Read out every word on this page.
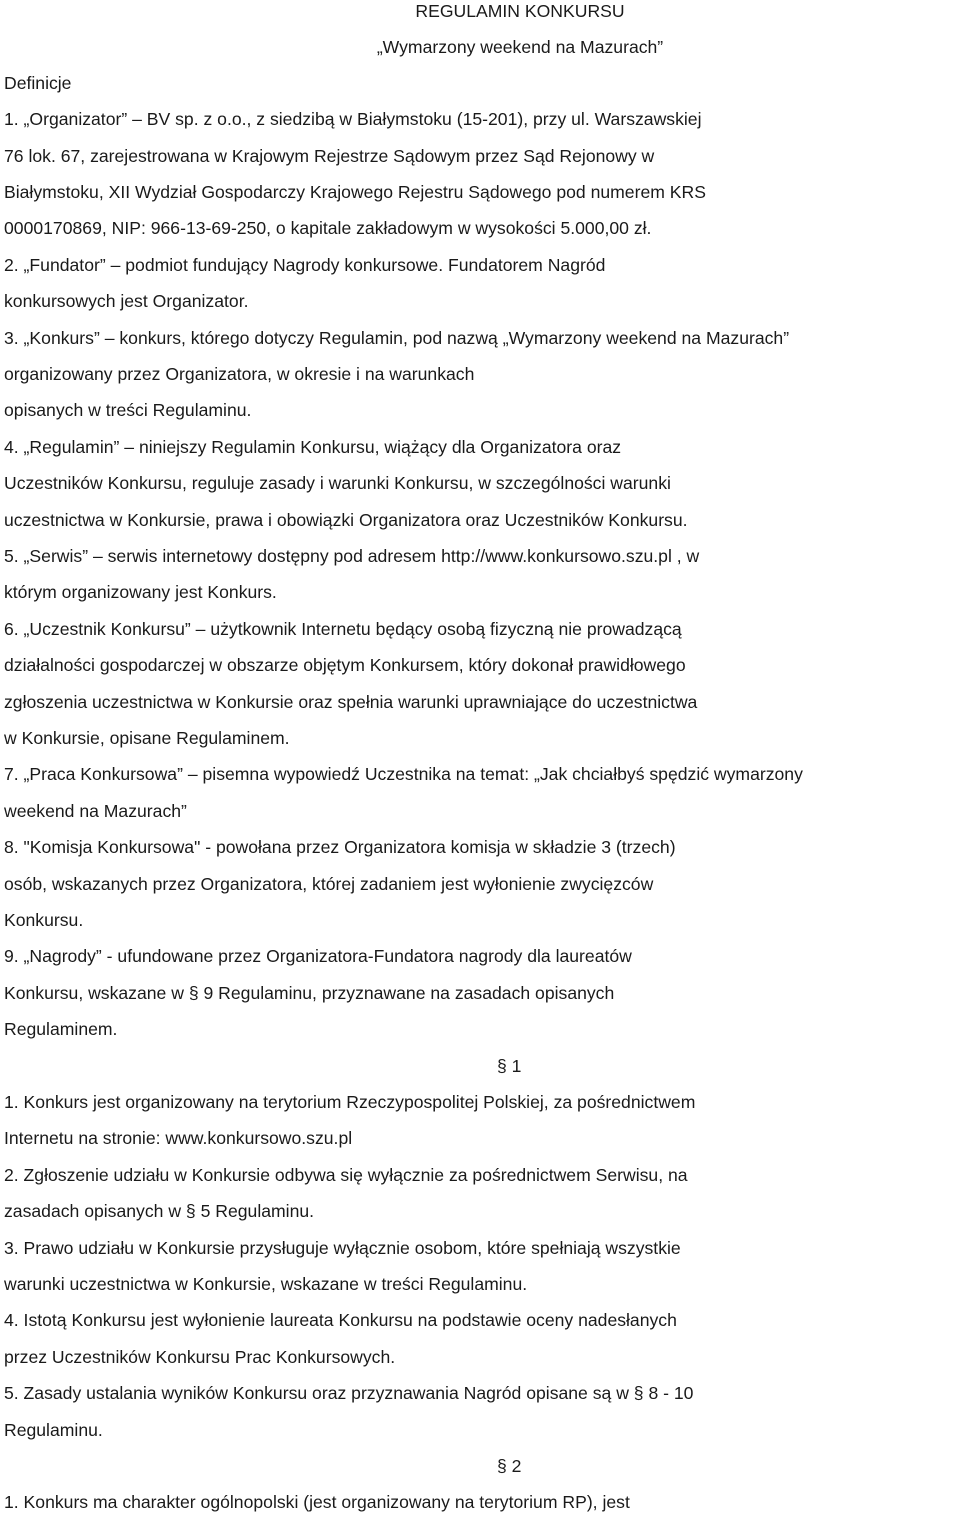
REGULAMIN KONKURSU

„Wymarzony weekend na Mazurach”

Definicje

1. „Organizator” – BV sp. z o.o., z siedzibą w Białymstoku (15-201), przy ul. Warszawskiej

76 lok. 67, zarejestrowana w Krajowym Rejestrze Sądowym przez Sąd Rejonowy w

Białymstoku, XII Wydział Gospodarczy Krajowego Rejestru Sądowego pod numerem KRS

0000170869, NIP: 966-13-69-250, o kapitale zakładowym w wysokości 5.000,00 zł.

2. „Fundator” – podmiot fundujący Nagrody konkursowe. Fundatorem Nagród

konkursowych jest Organizator.

3. „Konkurs” – konkurs, którego dotyczy Regulamin, pod nazwą „Wymarzony weekend na Mazurach”

organizowany przez Organizatora, w okresie i na warunkach

opisanych w treści Regulaminu.

4. „Regulamin” – niniejszy Regulamin Konkursu, wiążący dla Organizatora oraz

Uczestników Konkursu, reguluje zasady i warunki Konkursu, w szczególności warunki

uczestnictwa w Konkursie, prawa i obowiązki Organizatora oraz Uczestników Konkursu.

5. „Serwis” – serwis internetowy dostępny pod adresem http://www.konkursowo.szu.pl , w

którym organizowany jest Konkurs.

6. „Uczestnik Konkursu” – użytkownik Internetu będący osobą fizyczną nie prowadzącą

działalności gospodarczej w obszarze objętym Konkursem, który dokonał prawidłowego

zgłoszenia uczestnictwa w Konkursie oraz spełnia warunki uprawniające do uczestnictwa

w Konkursie, opisane Regulaminem.

7. „Praca Konkursowa” – pisemna wypowiedź Uczestnika na temat: „Jak chciałbyś spędzić wymarzony

weekend na Mazurach”

8. "Komisja Konkursowa" - powołana przez Organizatora komisja w składzie 3 (trzech)

osób, wskazanych przez Organizatora, której zadaniem jest wyłonienie zwycięzców

Konkursu.

9. „Nagrody” - ufundowane przez Organizatora-Fundatora nagrody dla laureatów

Konkursu, wskazane w § 9 Regulaminu, przyznawane na zasadach opisanych

Regulaminem.

§ 1

1. Konkurs jest organizowany na terytorium Rzeczypospolitej Polskiej, za pośrednictwem

Internetu na stronie: www.konkursowo.szu.pl

2. Zgłoszenie udziału w Konkursie odbywa się wyłącznie za pośrednictwem Serwisu, na

zasadach opisanych w § 5 Regulaminu.

3. Prawo udziału w Konkursie przysługuje wyłącznie osobom, które spełniają wszystkie

warunki uczestnictwa w Konkursie, wskazane w treści Regulaminu.

4. Istotą Konkursu jest wyłonienie laureata Konkursu na podstawie oceny nadesłanych

przez Uczestników Konkursu Prac Konkursowych.

5. Zasady ustalania wyników Konkursu oraz przyznawania Nagród opisane są w § 8 - 10

Regulaminu.

§ 2

1. Konkurs ma charakter ogólnopolski (jest organizowany na terytorium RP), jest
